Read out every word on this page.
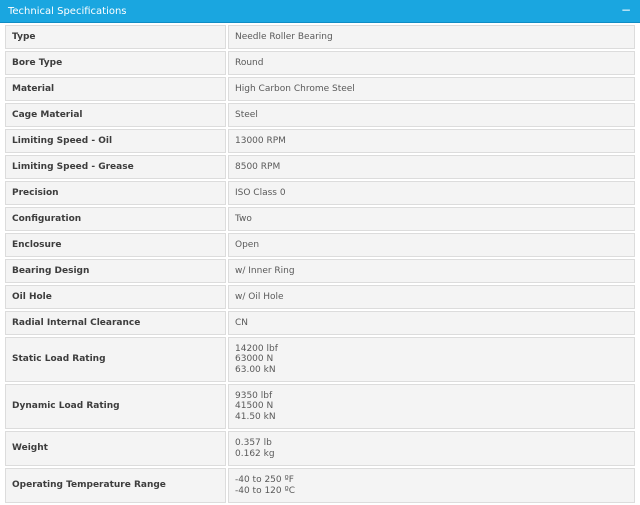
Technical Specifications	−
Type	Needle Roller Bearing

Bore Type	Round

Material	High Carbon Chrome Steel

Cage Material	Steel

Limiting Speed - Oil	13000 RPM

Limiting Speed - Grease	8500 RPM

Precision	ISO Class 0

Configuration	Two

Enclosure	Open

Bearing Design	w/ Inner Ring

Oil Hole	w/ Oil Hole

Radial Internal Clearance	CN

Static Load Rating	14200 lbf
63000 N
63.00 kN

Dynamic Load Rating	9350 lbf
41500 N
41.50 kN

Weight	0.357 lb
0.162 kg

Operating Temperature Range	-40 to 250 ºF
-40 to 120 ºC
